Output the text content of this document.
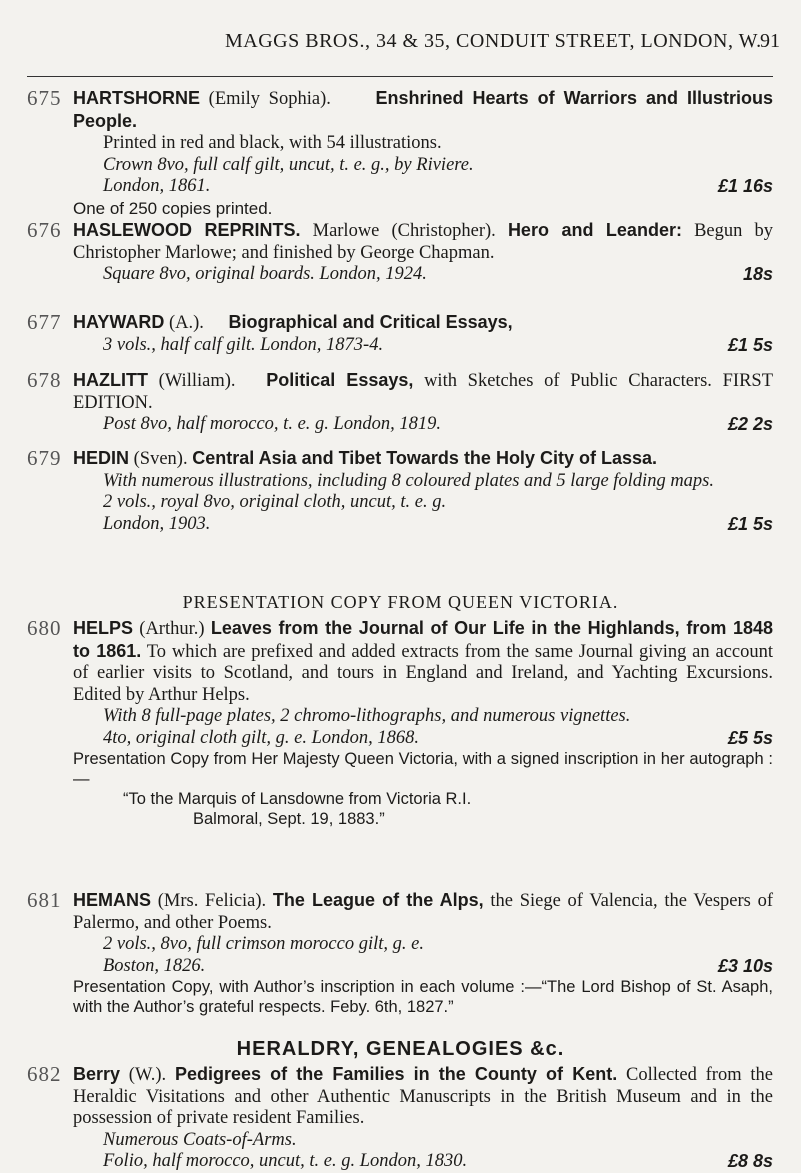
MAGGS BROS., 34 & 35, CONDUIT STREET, LONDON, W.
91
675 HARTSHORNE (Emily Sophia). Enshrined Hearts of Warriors and Illustrious People.
Printed in red and black, with 54 illustrations.
Crown 8vo, full calf gilt, uncut, t. e. g., by Riviere.
London, 1861.	£1 16s
One of 250 copies printed.
676 HASLEWOOD REPRINTS. Marlowe (Christopher). Hero and Leander: Begun by Christopher Marlowe; and finished by George Chapman.
Square 8vo, original boards. London, 1924.	18s
677 HAYWARD (A.). Biographical and Critical Essays,
3 vols., half calf gilt. London, 1873-4.	£1 5s
678 HAZLITT (William). Political Essays, with Sketches of Public Characters. FIRST EDITION.
Post 8vo, half morocco, t. e. g. London, 1819.	£2 2s
679 HEDIN (Sven). Central Asia and Tibet Towards the Holy City of Lassa.
With numerous illustrations, including 8 coloured plates and 5 large folding maps.
2 vols., royal 8vo, original cloth, uncut, t. e. g.
London, 1903.	£1 5s
PRESENTATION COPY FROM QUEEN VICTORIA.
680 HELPS (Arthur.) Leaves from the Journal of Our Life in the Highlands, from 1848 to 1861. To which are prefixed and added extracts from the same Journal giving an account of earlier visits to Scotland, and tours in England and Ireland, and Yachting Excursions. Edited by Arthur Helps.
With 8 full-page plates, 2 chromo-lithographs, and numerous vignettes.
4to, original cloth gilt, g. e. London, 1868.	£5 5s
Presentation Copy from Her Majesty Queen Victoria, with a signed inscription in her autograph :—
“To the Marquis of Lansdowne from Victoria R.I.
Balmoral, Sept. 19, 1883.”
681 HEMANS (Mrs. Felicia). The League of the Alps, the Siege of Valencia, the Vespers of Palermo, and other Poems.
2 vols., 8vo, full crimson morocco gilt, g. e.
Boston, 1826.	£3 10s
Presentation Copy, with Author’s inscription in each volume :—“The Lord Bishop of St. Asaph, with the Author’s grateful respects. Feby. 6th, 1827.”
HERALDRY, GENEALOGIES &c.
682 Berry (W.). Pedigrees of the Families in the County of Kent. Collected from the Heraldic Visitations and other Authentic Manuscripts in the British Museum and in the possession of private resident Families.
Numerous Coats-of-Arms.
Folio, half morocco, uncut, t. e. g. London, 1830.	£8 8s
